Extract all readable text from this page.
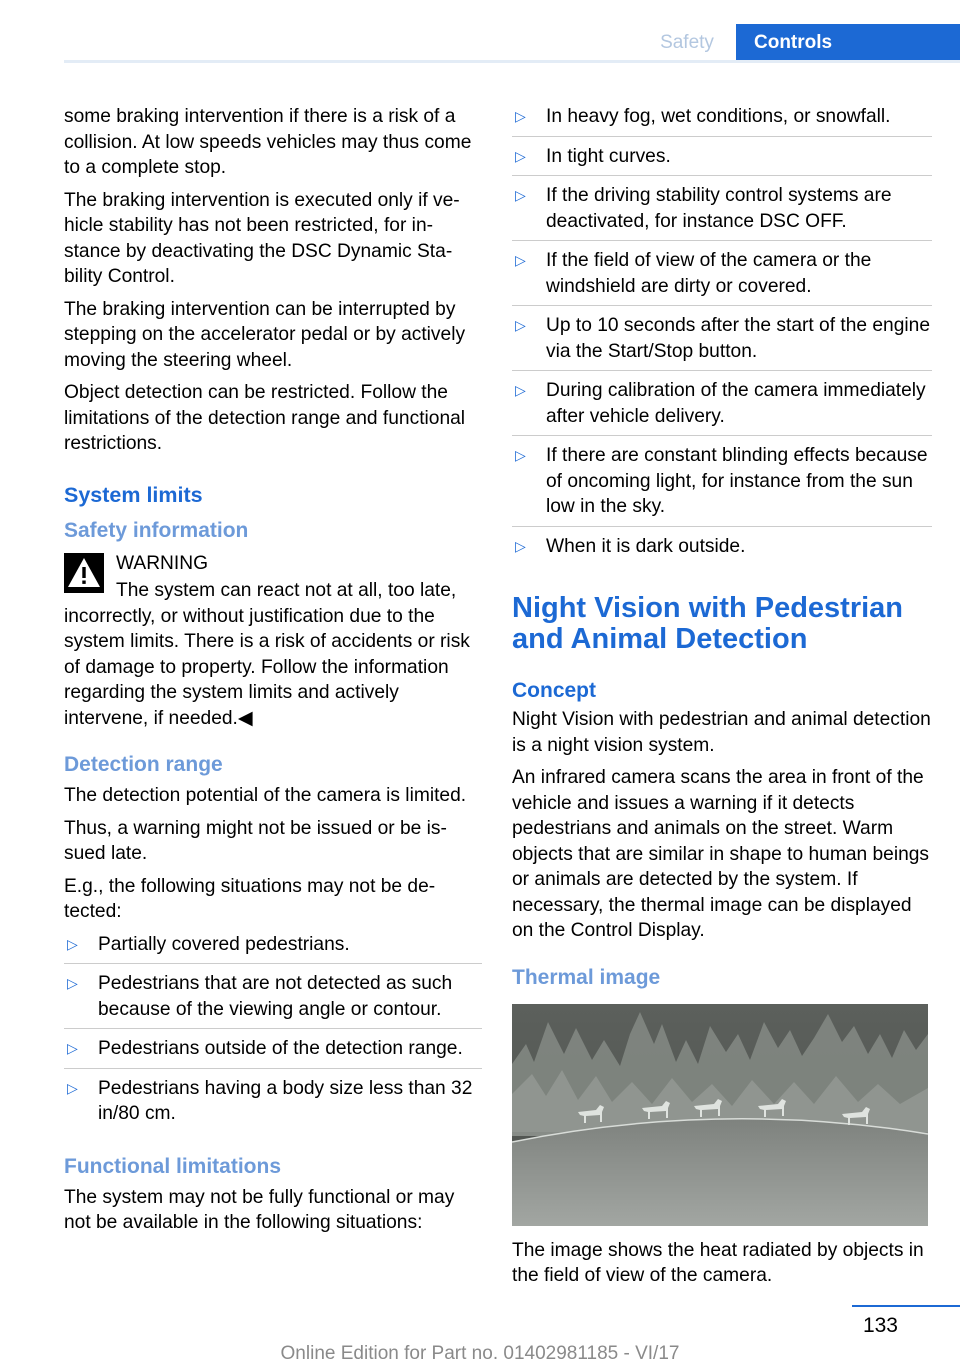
Safety	Controls

some braking intervention if there is a risk of a collision. At low speeds vehicles may thus come to a complete stop.

The braking intervention is executed only if vehicle stability has not been restricted, for instance by deactivating the DSC Dynamic Stability Control.

The braking intervention can be interrupted by stepping on the accelerator pedal or by actively moving the steering wheel.

Object detection can be restricted. Follow the limitations of the detection range and functional restrictions.

System limits
Safety information
WARNING
The system can react not at all, too late, incorrectly, or without justification due to the system limits. There is a risk of accidents or risk of damage to property. Follow the information regarding the system limits and actively intervene, if needed.◀
Detection range

The detection potential of the camera is limited.

Thus, a warning might not be issued or be issued late.

E.g., the following situations may not be detected:

▷ Partially covered pedestrians.
▷ Pedestrians that are not detected as such because of the viewing angle or contour.
▷ Pedestrians outside of the detection range.
▷ Pedestrians having a body size less than 32 in/80 cm.
Functional limitations

The system may not be fully functional or may not be available in the following situations:

▷ In heavy fog, wet conditions, or snowfall.
▷ In tight curves.
▷ If the driving stability control systems are deactivated, for instance DSC OFF.
▷ If the field of view of the camera or the windshield are dirty or covered.
▷ Up to 10 seconds after the start of the engine via the Start/Stop button.
▷ During calibration of the camera immediately after vehicle delivery.
▷ If there are constant blinding effects because of oncoming light, for instance from the sun low in the sky.
▷ When it is dark outside.
Night Vision with Pedestrian and Animal Detection
Concept

Night Vision with pedestrian and animal detection is a night vision system.

An infrared camera scans the area in front of the vehicle and issues a warning if it detects pedestrians and animals on the street. Warm objects that are similar in shape to human beings or animals are detected by the system. If necessary, the thermal image can be displayed on the Control Display.

Thermal image

The image shows the heat radiated by objects in the field of view of the camera.

133
Online Edition for Part no. 01402981185 - VI/17
